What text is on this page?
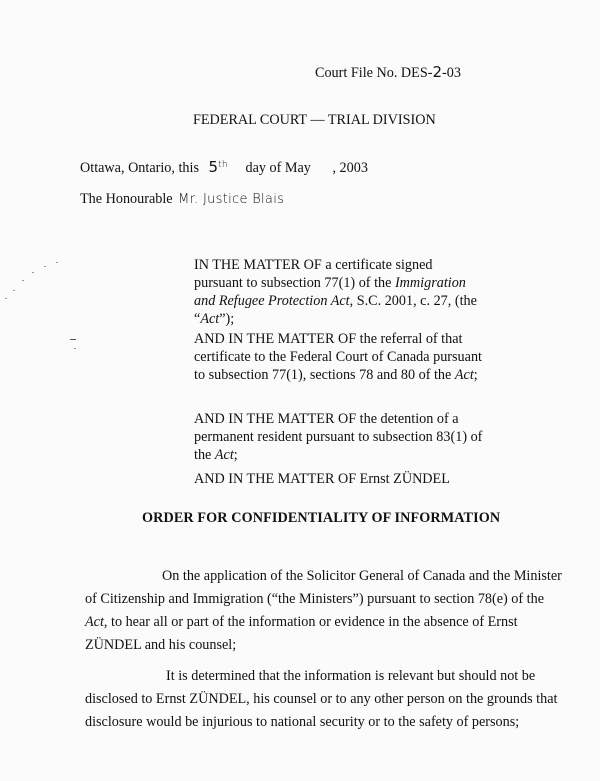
Court File No. DES-2-03
FEDERAL COURT — TRIAL DIVISION
Ottawa, Ontario, this 5th day of May , 2003
The Honourable Mr. Justice Blais
IN THE MATTER OF a certificate signed pursuant to subsection 77(1) of the Immigration and Refugee Protection Act, S.C. 2001, c. 27, (the “Act”);
AND IN THE MATTER OF the referral of that certificate to the Federal Court of Canada pursuant to subsection 77(1), sections 78 and 80 of the Act;
AND IN THE MATTER OF the detention of a permanent resident pursuant to subsection 83(1) of the Act;
AND IN THE MATTER OF Ernst ZÜNDEL
ORDER FOR CONFIDENTIALITY OF INFORMATION
On the application of the Solicitor General of Canada and the Minister of Citizenship and Immigration (“the Ministers”) pursuant to section 78(e) of the Act, to hear all or part of the information or evidence in the absence of Ernst ZÜNDEL and his counsel;
It is determined that the information is relevant but should not be disclosed to Ernst ZÜNDEL, his counsel or to any other person on the grounds that disclosure would be injurious to national security or to the safety of persons;
